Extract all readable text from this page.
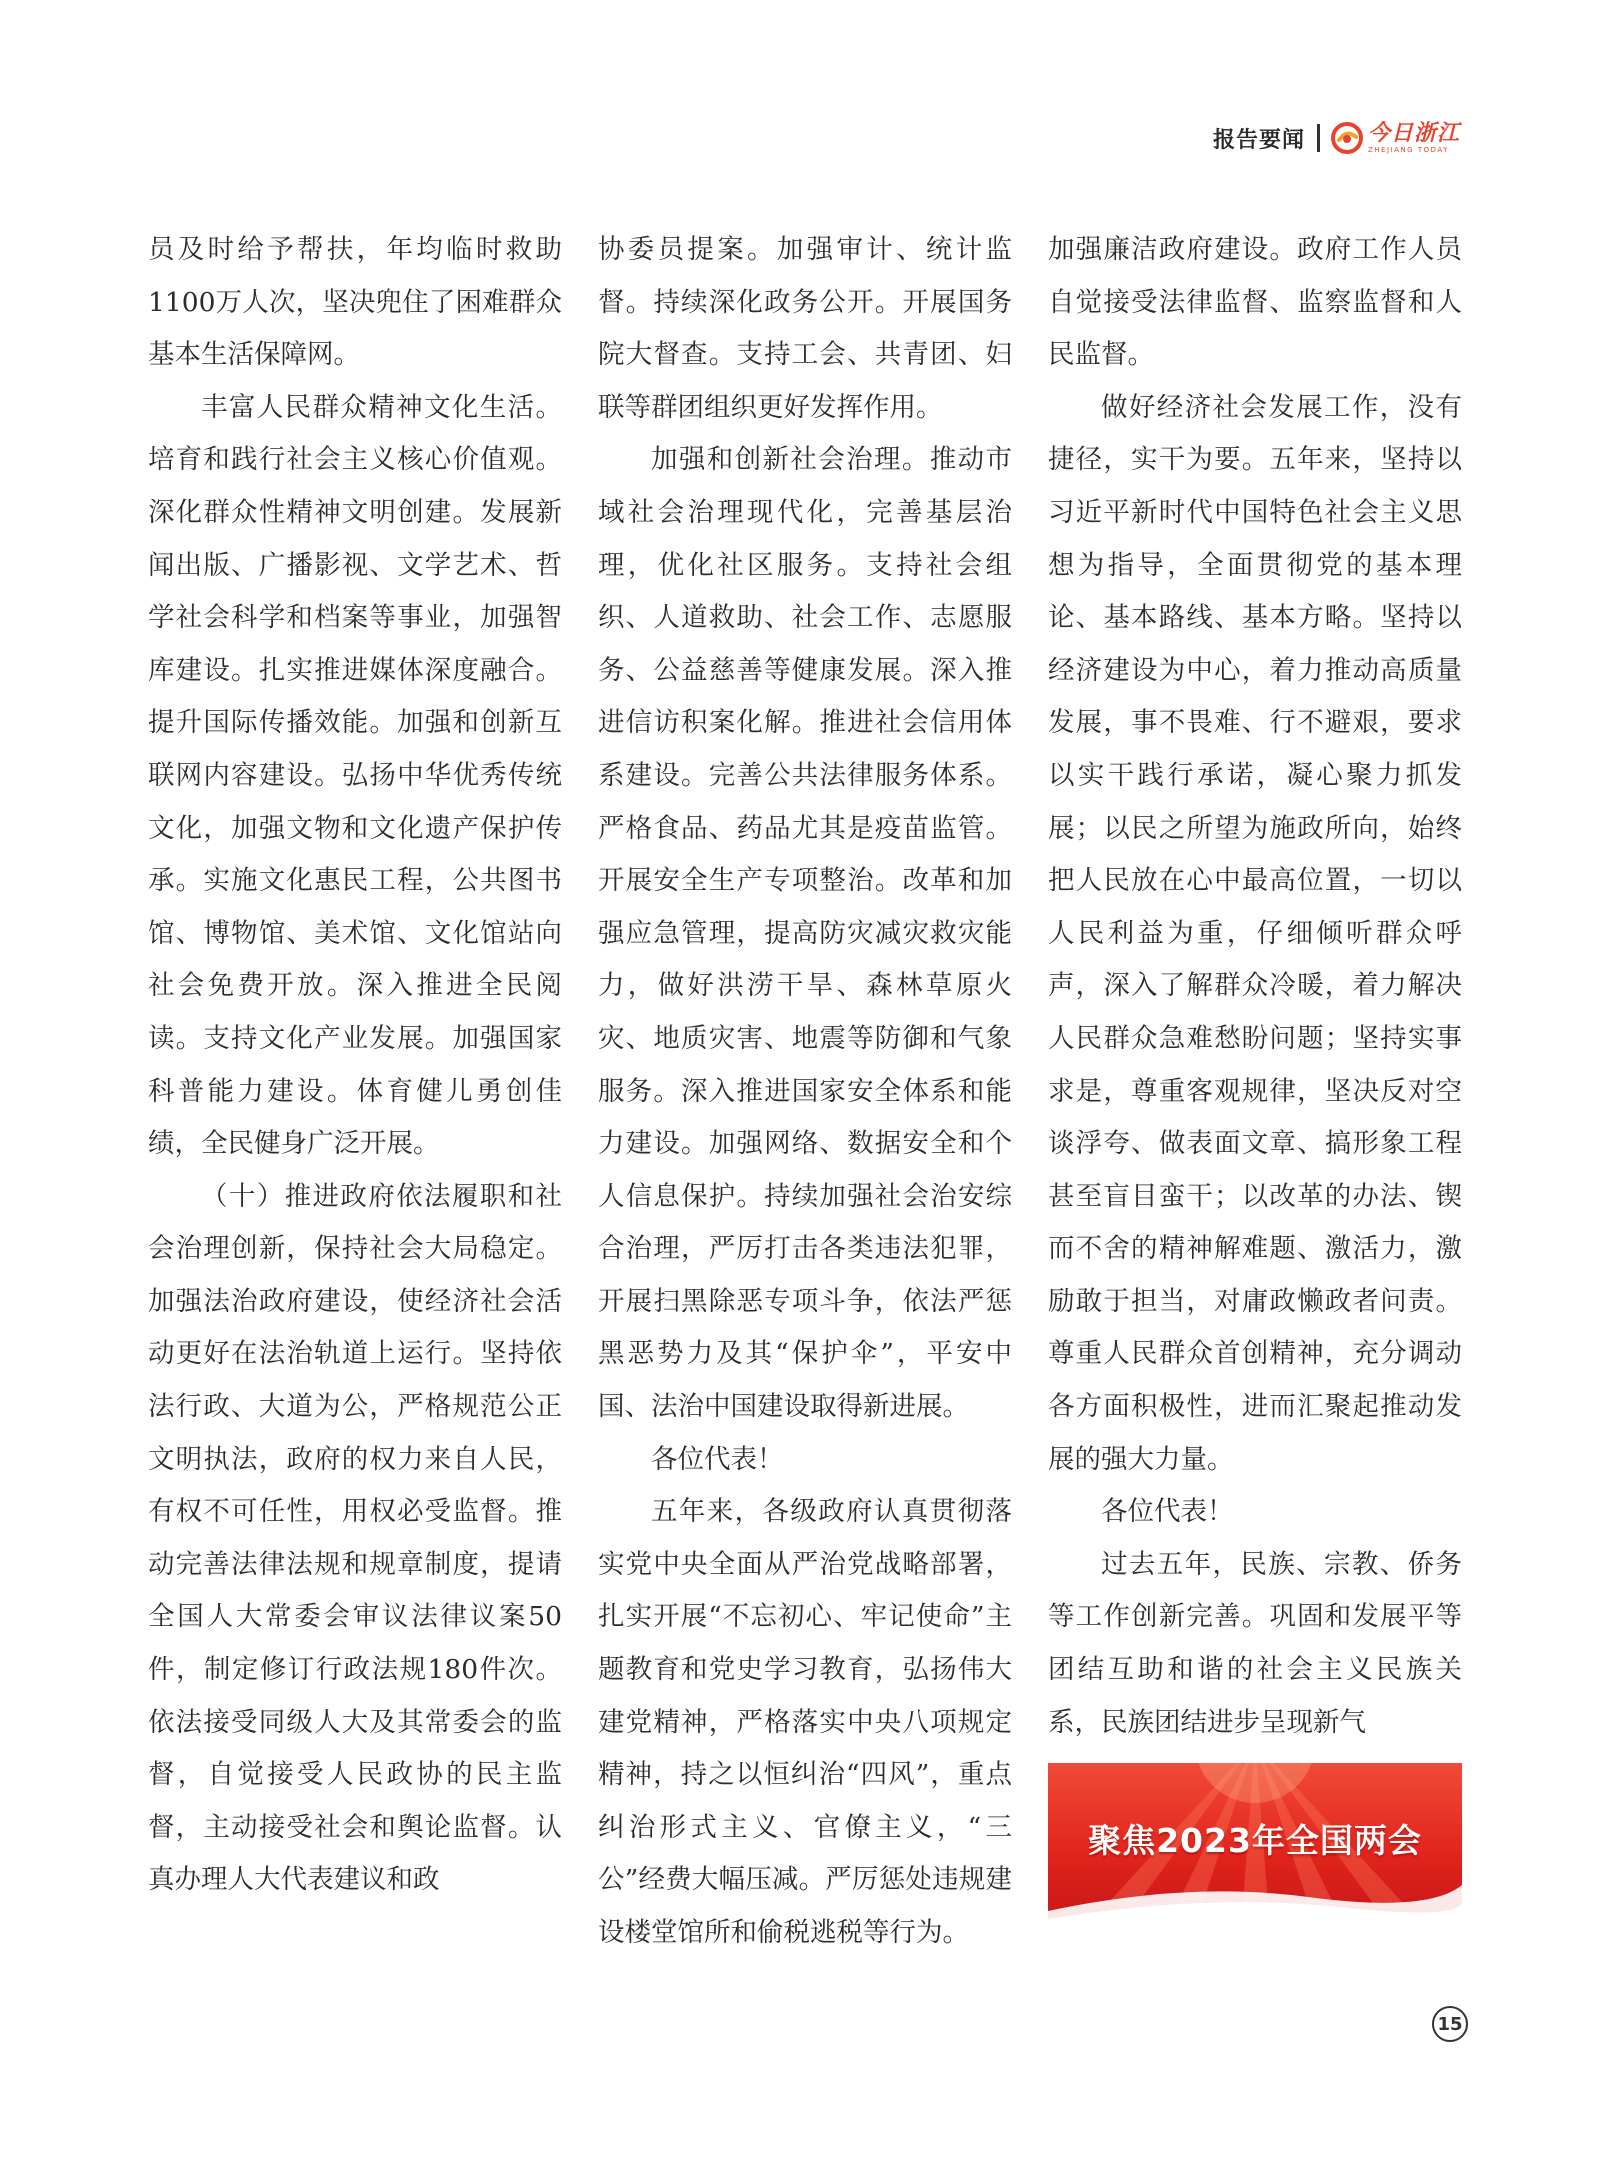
报告要闻	今日浙江
ZHEJIANG TODAY

员及时给予帮扶，年均临时救助1100万人次，坚决兜住了困难群众基本生活保障网。

丰富人民群众精神文化生活。培育和践行社会主义核心价值观。深化群众性精神文明创建。发展新闻出版、广播影视、文学艺术、哲学社会科学和档案等事业，加强智库建设。扎实推进媒体深度融合。提升国际传播效能。加强和创新互联网内容建设。弘扬中华优秀传统文化，加强文物和文化遗产保护传承。实施文化惠民工程，公共图书馆、博物馆、美术馆、文化馆站向社会免费开放。深入推进全民阅读。支持文化产业发展。加强国家科普能力建设。体育健儿勇创佳绩，全民健身广泛开展。

（十）推进政府依法履职和社会治理创新，保持社会大局稳定。加强法治政府建设，使经济社会活动更好在法治轨道上运行。坚持依法行政、大道为公，严格规范公正文明执法，政府的权力来自人民，有权不可任性，用权必受监督。推动完善法律法规和规章制度，提请全国人大常委会审议法律议案50件，制定修订行政法规180件次。依法接受同级人大及其常委会的监督，自觉接受人民政协的民主监督，主动接受社会和舆论监督。认真办理人大代表建议和政

协委员提案。加强审计、统计监督。持续深化政务公开。开展国务院大督查。支持工会、共青团、妇联等群团组织更好发挥作用。

加强和创新社会治理。推动市域社会治理现代化，完善基层治理，优化社区服务。支持社会组织、人道救助、社会工作、志愿服务、公益慈善等健康发展。深入推进信访积案化解。推进社会信用体系建设。完善公共法律服务体系。严格食品、药品尤其是疫苗监管。开展安全生产专项整治。改革和加强应急管理，提高防灾减灾救灾能力，做好洪涝干旱、森林草原火灾、地质灾害、地震等防御和气象服务。深入推进国家安全体系和能力建设。加强网络、数据安全和个人信息保护。持续加强社会治安综合治理，严厉打击各类违法犯罪，开展扫黑除恶专项斗争，依法严惩黑恶势力及其“保护伞”，平安中国、法治中国建设取得新进展。

各位代表！

五年来，各级政府认真贯彻落实党中央全面从严治党战略部署，扎实开展“不忘初心、牢记使命”主题教育和党史学习教育，弘扬伟大建党精神，严格落实中央八项规定精神，持之以恒纠治“四风”，重点纠治形式主义、官僚主义，“三公”经费大幅压减。严厉惩处违规建设楼堂馆所和偷税逃税等行为。

加强廉洁政府建设。政府工作人员自觉接受法律监督、监察监督和人民监督。

做好经济社会发展工作，没有捷径，实干为要。五年来，坚持以习近平新时代中国特色社会主义思想为指导，全面贯彻党的基本理论、基本路线、基本方略。坚持以经济建设为中心，着力推动高质量发展，事不畏难、行不避艰，要求以实干践行承诺，凝心聚力抓发展；以民之所望为施政所向，始终把人民放在心中最高位置，一切以人民利益为重，仔细倾听群众呼声，深入了解群众冷暖，着力解决人民群众急难愁盼问题；坚持实事求是，尊重客观规律，坚决反对空谈浮夸、做表面文章、搞形象工程甚至盲目蛮干；以改革的办法、锲而不舍的精神解难题、激活力，激励敢于担当，对庸政懒政者问责。尊重人民群众首创精神，充分调动各方面积极性，进而汇聚起推动发展的强大力量。

各位代表！

过去五年，民族、宗教、侨务等工作创新完善。巩固和发展平等团结互助和谐的社会主义民族关系，民族团结进步呈现新气

聚焦2023年全国两会
15
